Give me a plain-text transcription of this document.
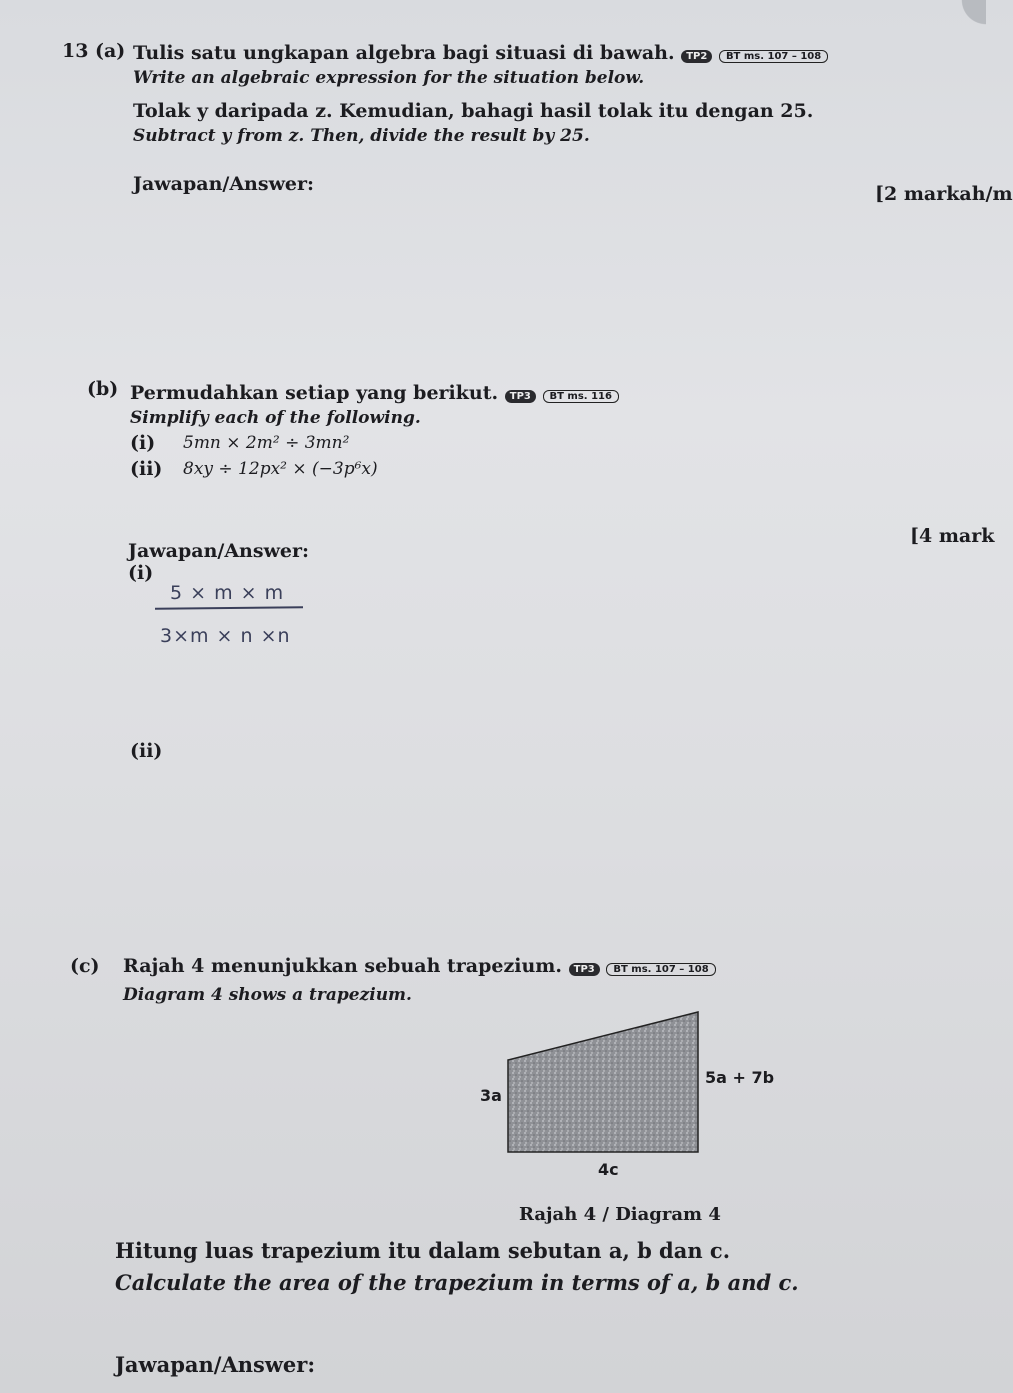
13 (a) Tulis satu ungkapan algebra bagi situasi di bawah. TP2 BT ms. 107 – 108
Write an algebraic expression for the situation below.
Tolak y daripada z. Kemudian, bahagi hasil tolak itu dengan 25.
Subtract y from z. Then, divide the result by 25.
Jawapan/Answer:	[2 markah/m
(b) Permudahkan setiap yang berikut. TP3 BT ms. 116
Simplify each of the following.
(i) 5mn × 2m² ÷ 3mn²
(ii) 8xy ÷ 12px² × (−3p⁶x)
[4 mark
Jawapan/Answer:
(i)
5 × m × m
3×m × n ×n
(ii)
(c) Rajah 4 menunjukkan sebuah trapezium. TP3 BT ms. 107 – 108
Diagram 4 shows a trapezium.
3a
5a + 7b
4c
Rajah 4 / Diagram 4
Hitung luas trapezium itu dalam sebutan a, b dan c.
Calculate the area of the trapezium in terms of a, b and c.
Jawapan/Answer:
